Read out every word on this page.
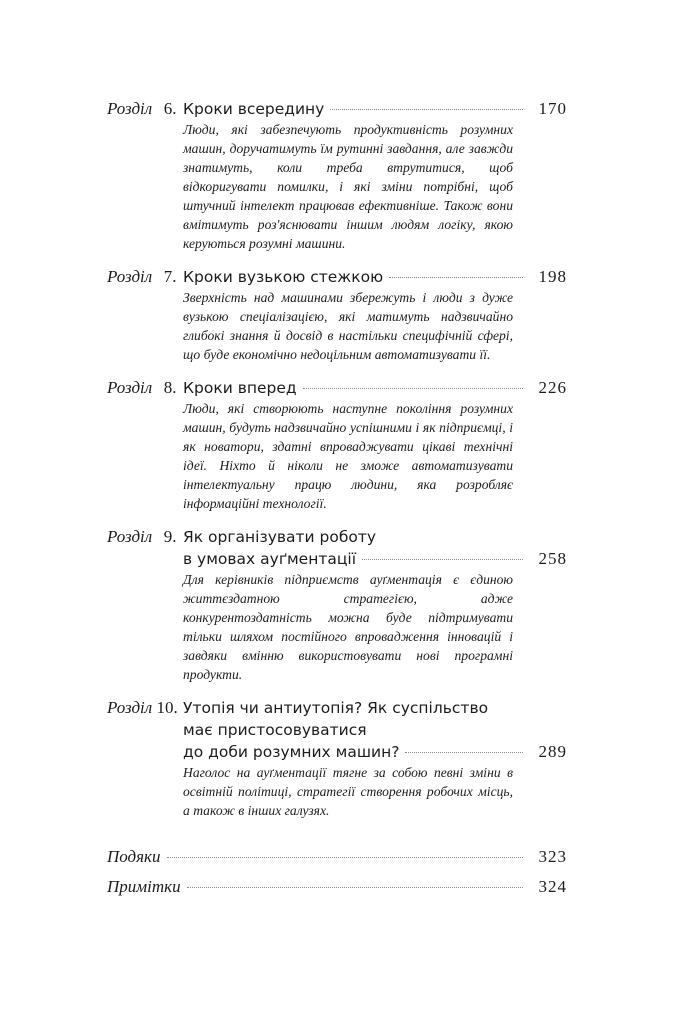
Розділ 6. Кроки всередину	170
Люди, які забезпечують продуктивність розумних машин, доручатимуть їм рутинні завдання, але завжди знатимуть, коли треба втрутитися, щоб відкоригувати помилки, і які зміни потрібні, щоб штучний інтелект працював ефективніше. Також вони вмітимуть роз'яснювати іншим людям логіку, якою керуються розумні машини.
Розділ 7. Кроки вузькою стежкою	198
Зверхність над машинами збережуть і люди з дуже вузькою спеціалізацією, які матимуть надзвичайно глибокі знання й досвід в настільки специфічній сфері, що буде економічно недоцільним автоматизувати її.
Розділ 8. Кроки вперед	226
Люди, які створюють наступне покоління розумних машин, будуть надзвичайно успішними і як підприємці, і як новатори, здатні впроваджувати цікаві технічні ідеї. Ніхто й ніколи не зможе автоматизувати інтелектуальну працю людини, яка розробляє інформаційні технології.
Розділ 9. Як організувати роботу
в умовах ауґментації	258
Для керівників підприємств ауґментація є єдиною життєздатною стратегією, адже конкурентоздатність можна буде підтримувати тільки шляхом постійного впровадження інновацій і завдяки вмінню використовувати нові програмні продукти.
Розділ 10. Утопія чи антиутопія? Як суспільство
має пристосовуватися
до доби розумних машин?	289
Наголос на ауґментації тягне за собою певні зміни в освітній політиці, стратегії створення робочих місць, а також в інших галузях.
Подяки	323
Примітки	324
